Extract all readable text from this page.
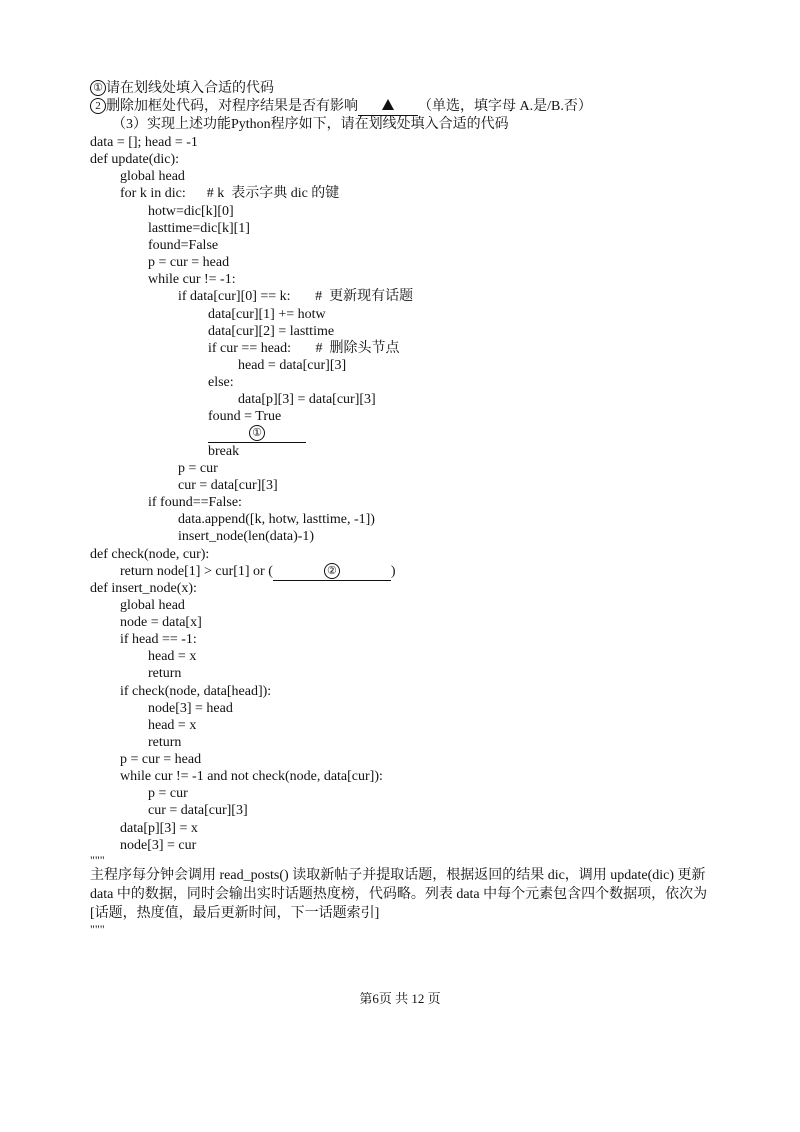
① 请在划线处填入合适的代码
2 删除加框处代码，对程序结果是否有影响	（单选，填字母 A.是/B.否）
（3）实现上述功能Python程序如下，请在划线处填入合适的代码
data = []; head = -1
def update(dic):
global head
for k in dic:      # k  表示字典 dic 的键
hotw=dic[k][0]
lasttime=dic[k][1]
found=False
p = cur = head
while cur != -1:
if data[cur][0] == k:       #  更新现有话题
data[cur][1] += hotw
data[cur][2] = lasttime
if cur == head:       #  删除头节点
head = data[cur][3]
else:
data[p][3] = data[cur][3]
found = True
①
break
p = cur
cur = data[cur][3]
if found==False:
data.append([k, hotw, lasttime, -1])
insert_node(len(data)-1)
def check(node, cur):
return node[1] > cur[1] or (	②	)
def insert_node(x):
global head
node = data[x]
if head == -1:
head = x
return
if check(node, data[head]):
node[3] = head
head = x
return
p = cur = head
while cur != -1 and not check(node, data[cur]):
p = cur
cur = data[cur][3]
data[p][3] = x
node[3] = cur
"""
主程序每分钟会调用 read_posts() 读取新帖子并提取话题，根据返回的结果 dic，调用 update(dic) 更新 data 中的数据，同时会输出实时话题热度榜，代码略。列表 data 中每个元素包含四个数据项，依次为 [话题，热度值，最后更新时间，下一话题索引]
"""
第6页 共 12 页
